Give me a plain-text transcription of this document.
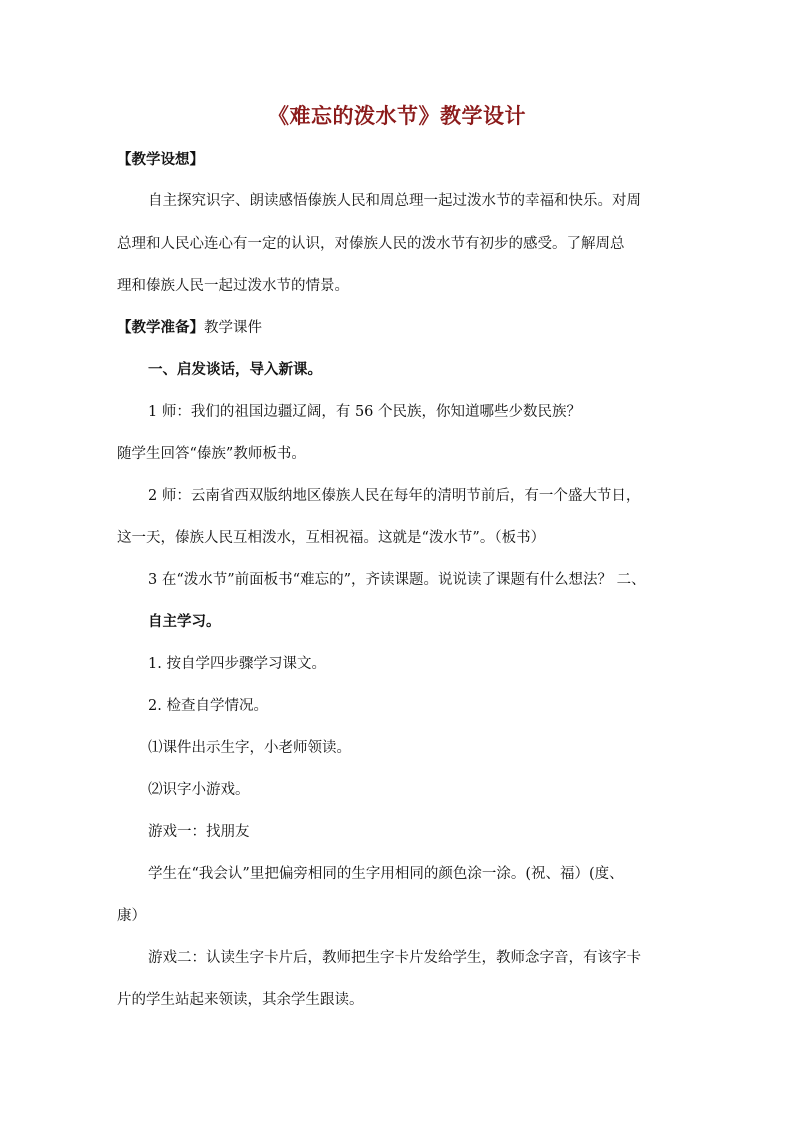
《难忘的泼水节》教学设计
【教学设想】
自主探究识字、朗读感悟傣族人民和周总理一起过泼水节的幸福和快乐。对周
总理和人民心连心有一定的认识，对傣族人民的泼水节有初步的感受。了解周总
理和傣族人民一起过泼水节的情景。
【教学准备】教学课件
一、启发谈话，导入新课。
1 师：我们的祖国边疆辽阔，有 56 个民族，你知道哪些少数民族？
随学生回答“傣族”教师板书。
2 师：云南省西双版纳地区傣族人民在每年的清明节前后，有一个盛大节日，
这一天，傣族人民互相泼水，互相祝福。这就是“泼水节”。（板书）
3 在“泼水节”前面板书“难忘的”，齐读课题。说说读了课题有什么想法？ 二、
自主学习。
1. 按自学四步骤学习课文。
2. 检查自学情况。
⑴课件出示生字，小老师领读。
⑵识字小游戏。
游戏一：找朋友
学生在“我会认”里把偏旁相同的生字用相同的颜色涂一涂。(祝、福）(度、
康）
游戏二：认读生字卡片后，教师把生字卡片发给学生，教师念字音，有该字卡
片的学生站起来领读，其余学生跟读。
